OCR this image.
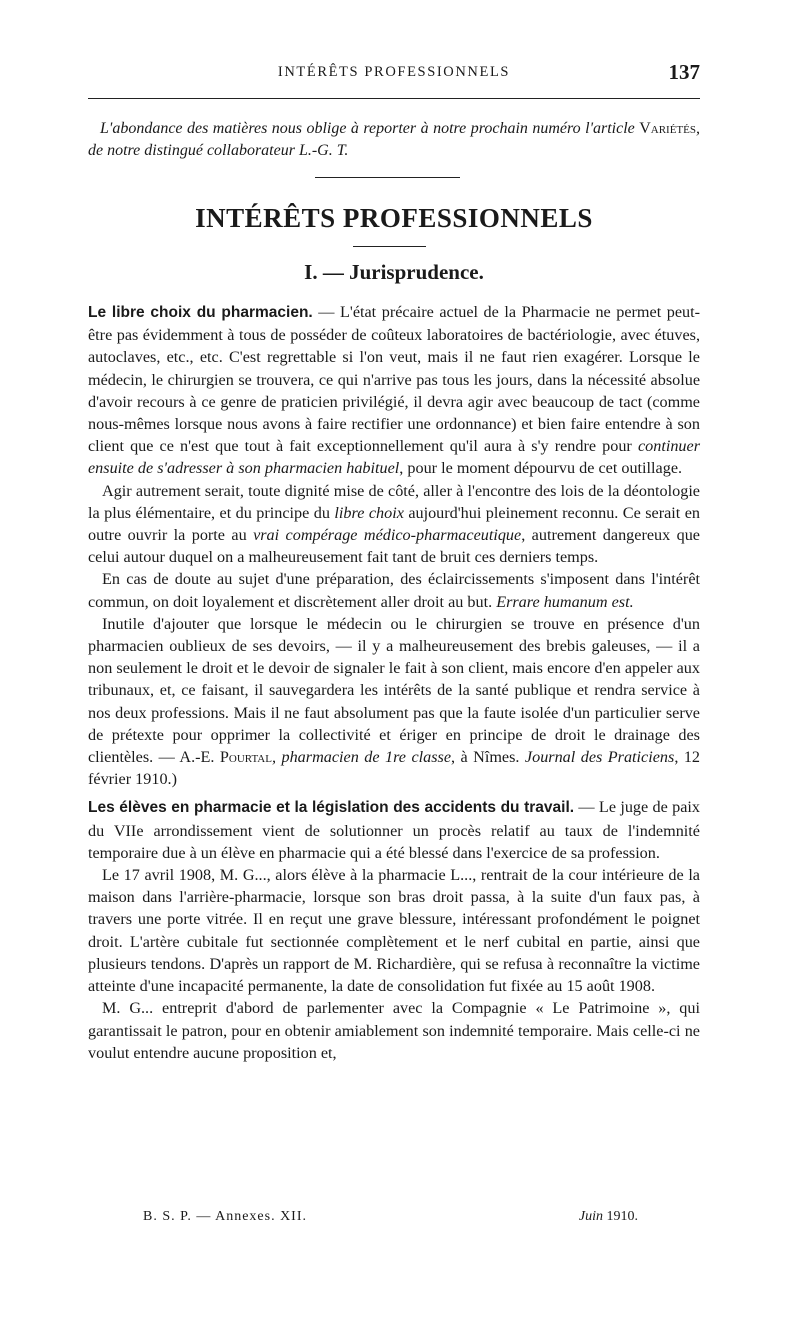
INTÉRÊTS PROFESSIONNELS	137
L'abondance des matières nous oblige à reporter à notre prochain numéro l'article Variétés, de notre distingué collaborateur L.-G. T.
INTÉRÊTS PROFESSIONNELS
I. — Jurisprudence.

Le libre choix du pharmacien. — L'état précaire actuel de la Pharmacie ne permet peut-être pas évidemment à tous de posséder de coûteux laboratoires de bactériologie, avec étuves, autoclaves, etc., etc. C'est regrettable si l'on veut, mais il ne faut rien exagérer. Lorsque le médecin, le chirurgien se trouvera, ce qui n'arrive pas tous les jours, dans la nécessité absolue d'avoir recours à ce genre de praticien privilégié, il devra agir avec beaucoup de tact (comme nous-mêmes lorsque nous avons à faire rectifier une ordonnance) et bien faire entendre à son client que ce n'est que tout à fait exceptionnellement qu'il aura à s'y rendre pour continuer ensuite de s'adresser à son pharmacien habituel, pour le moment dépourvu de cet outillage.

Agir autrement serait, toute dignité mise de côté, aller à l'encontre des lois de la déontologie la plus élémentaire, et du principe du libre choix aujourd'hui pleinement reconnu. Ce serait en outre ouvrir la porte au vrai compérage médico-pharmaceutique, autrement dangereux que celui autour duquel on a malheureusement fait tant de bruit ces derniers temps.

En cas de doute au sujet d'une préparation, des éclaircissements s'imposent dans l'intérêt commun, on doit loyalement et discrètement aller droit au but. Errare humanum est.

Inutile d'ajouter que lorsque le médecin ou le chirurgien se trouve en présence d'un pharmacien oublieux de ses devoirs, — il y a malheureusement des brebis galeuses, — il a non seulement le droit et le devoir de signaler le fait à son client, mais encore d'en appeler aux tribunaux, et, ce faisant, il sauvegardera les intérêts de la santé publique et rendra service à nos deux professions. Mais il ne faut absolument pas que la faute isolée d'un particulier serve de prétexte pour opprimer la collectivité et ériger en principe de droit le drainage des clientèles. — A.-E. Pourtal, pharmacien de 1re classe, à Nîmes. Journal des Praticiens, 12 février 1910.)

Les élèves en pharmacie et la législation des accidents du travail. — Le juge de paix du VIIe arrondissement vient de solutionner un procès relatif au taux de l'indemnité temporaire due à un élève en pharmacie qui a été blessé dans l'exercice de sa profession.

Le 17 avril 1908, M. G..., alors élève à la pharmacie L..., rentrait de la cour intérieure de la maison dans l'arrière-pharmacie, lorsque son bras droit passa, à la suite d'un faux pas, à travers une porte vitrée. Il en reçut une grave blessure, intéressant profondément le poignet droit. L'artère cubitale fut sectionnée complètement et le nerf cubital en partie, ainsi que plusieurs tendons. D'après un rapport de M. Richardière, qui se refusa à reconnaître la victime atteinte d'une incapacité permanente, la date de consolidation fut fixée au 15 août 1908.

M. G... entreprit d'abord de parlementer avec la Compagnie « Le Patrimoine », qui garantissait le patron, pour en obtenir amiablement son indemnité temporaire. Mais celle-ci ne voulut entendre aucune proposition et,

B. S. P. — Annexes. XII.	Juin 1910.
